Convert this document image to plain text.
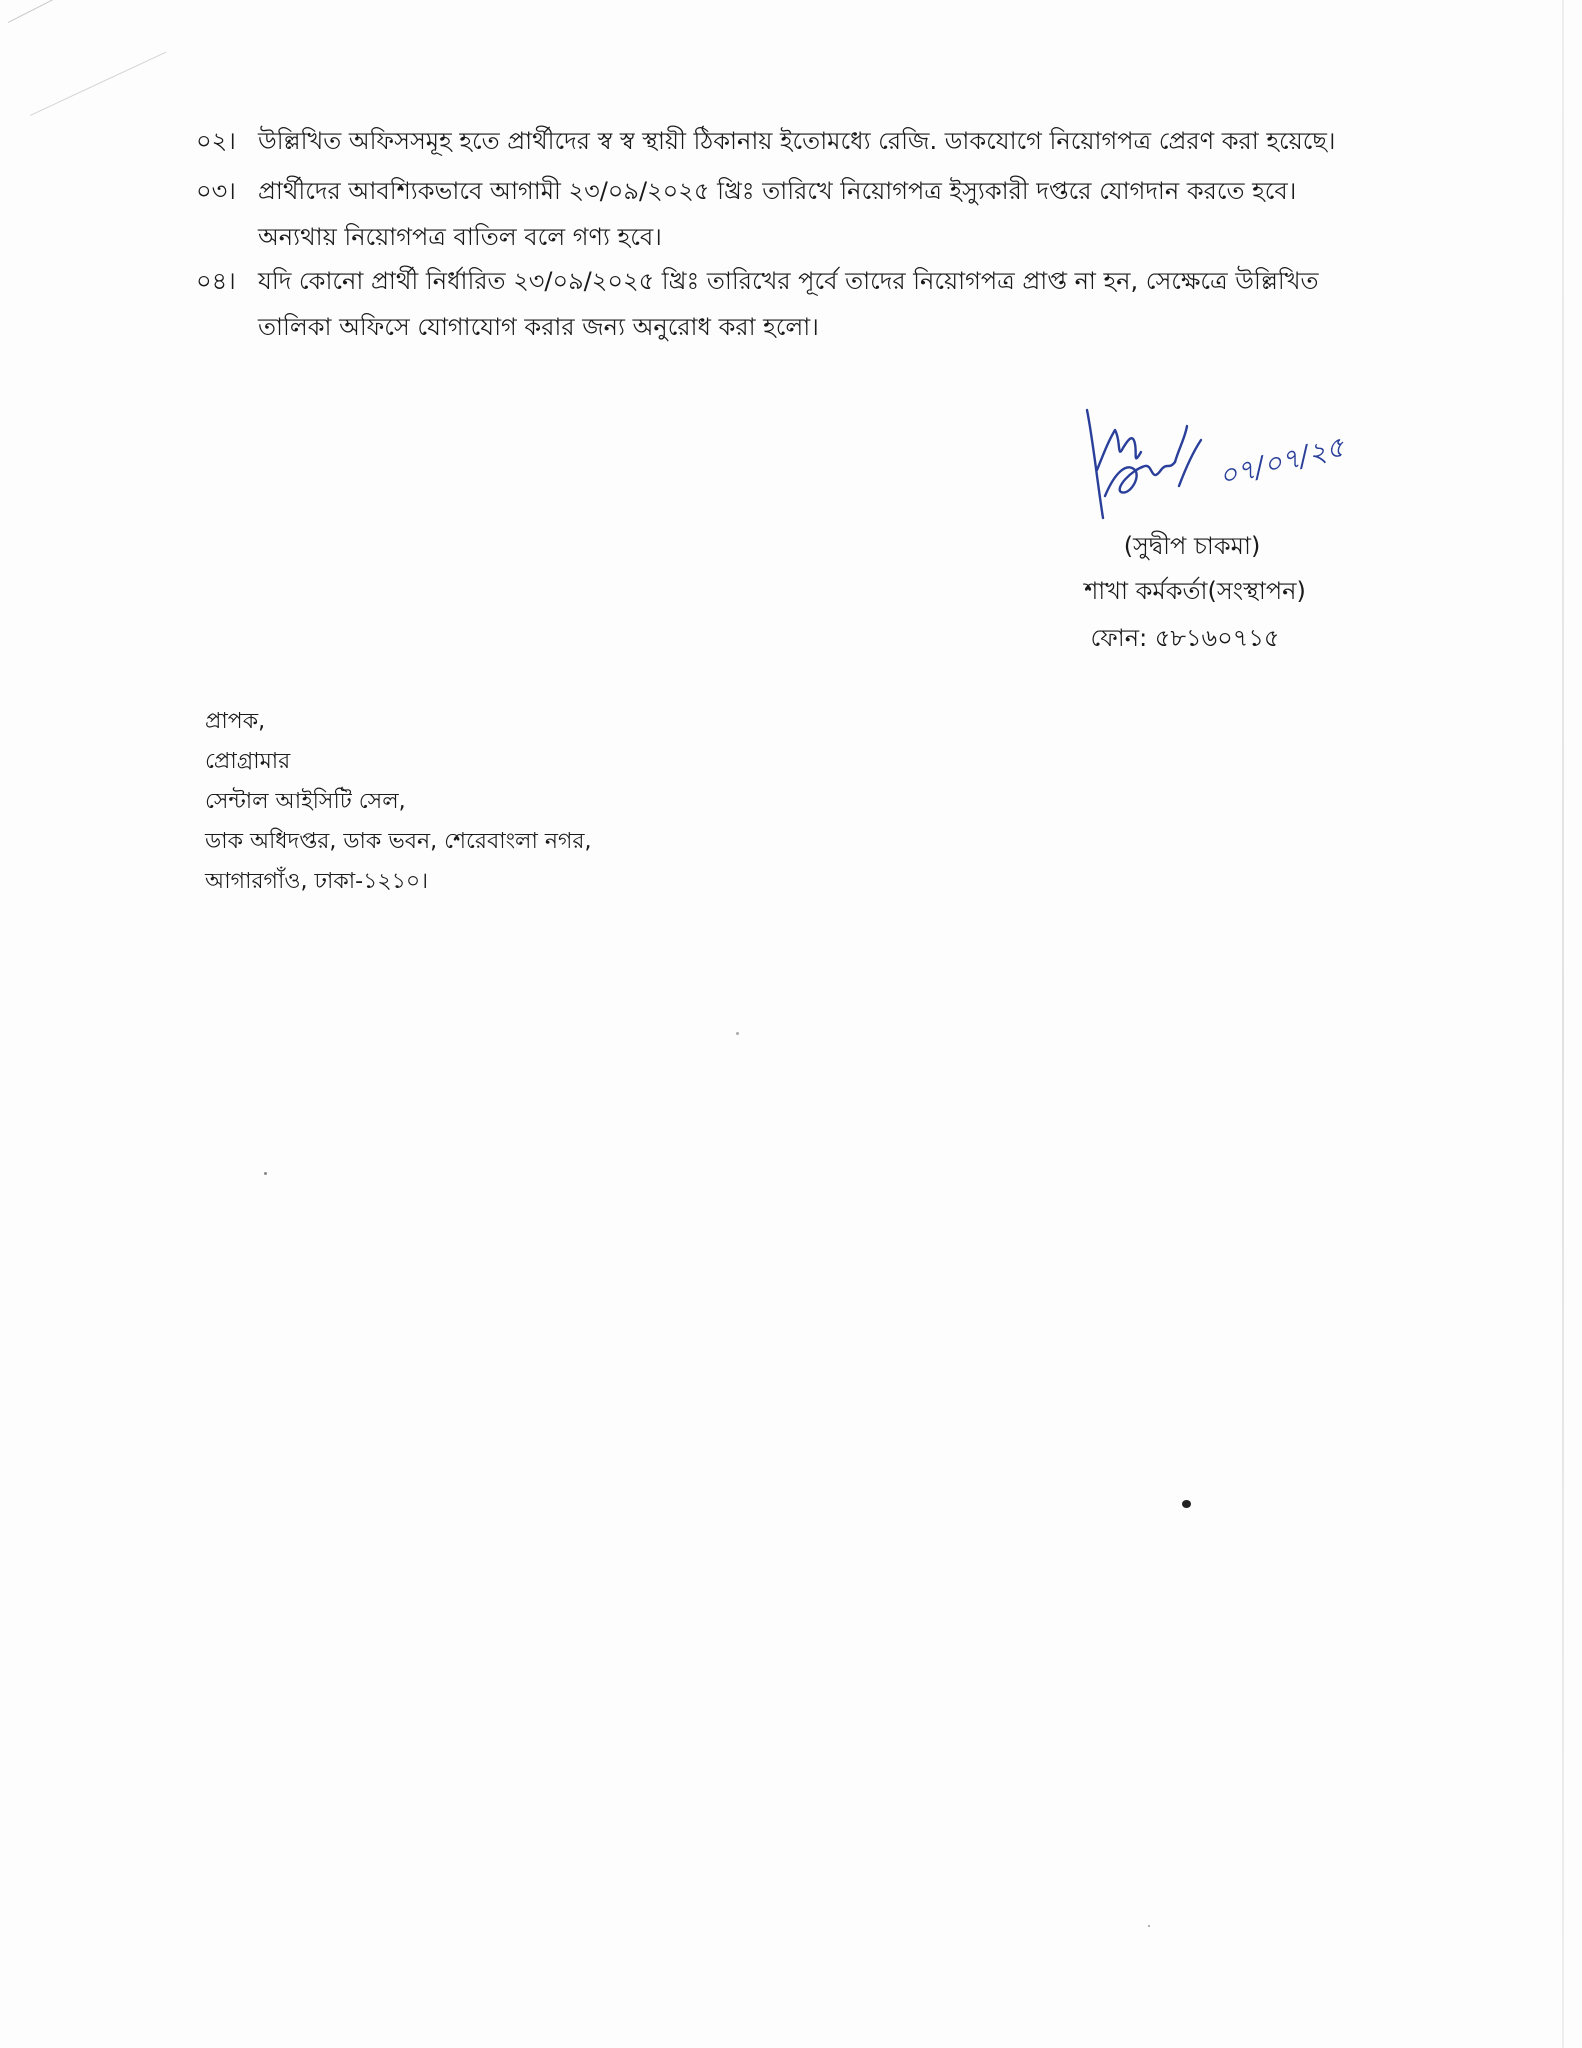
০২। উল্লিখিত অফিসসমূহ হতে প্রার্থীদের স্ব স্ব স্থায়ী ঠিকানায় ইতোমধ্যে রেজি. ডাকযোগে নিয়োগপত্র প্রেরণ করা হয়েছে।
০৩। প্রার্থীদের আবশ্যিকভাবে আগামী ২৩/০৯/২০২৫ খ্রিঃ তারিখে নিয়োগপত্র ইস্যুকারী দপ্তরে যোগদান করতে হবে।
অন্যথায় নিয়োগপত্র বাতিল বলে গণ্য হবে।
০৪। যদি কোনো প্রার্থী নির্ধারিত ২৩/০৯/২০২৫ খ্রিঃ তারিখের পূর্বে তাদের নিয়োগপত্র প্রাপ্ত না হন, সেক্ষেত্রে উল্লিখিত
তালিকা অফিসে যোগাযোগ করার জন্য অনুরোধ করা হলো।
০৭/০৭/২৫
(সুদ্বীপ চাকমা)
শাখা কর্মকর্তা(সংস্থাপন)
ফোন: ৫৮১৬০৭১৫
প্রাপক,
প্রোগ্রামার
সেন্টাল আইসিটি সেল,
ডাক অধিদপ্তর, ডাক ভবন, শেরেবাংলা নগর,
আগারগাঁও, ঢাকা-১২১০।
